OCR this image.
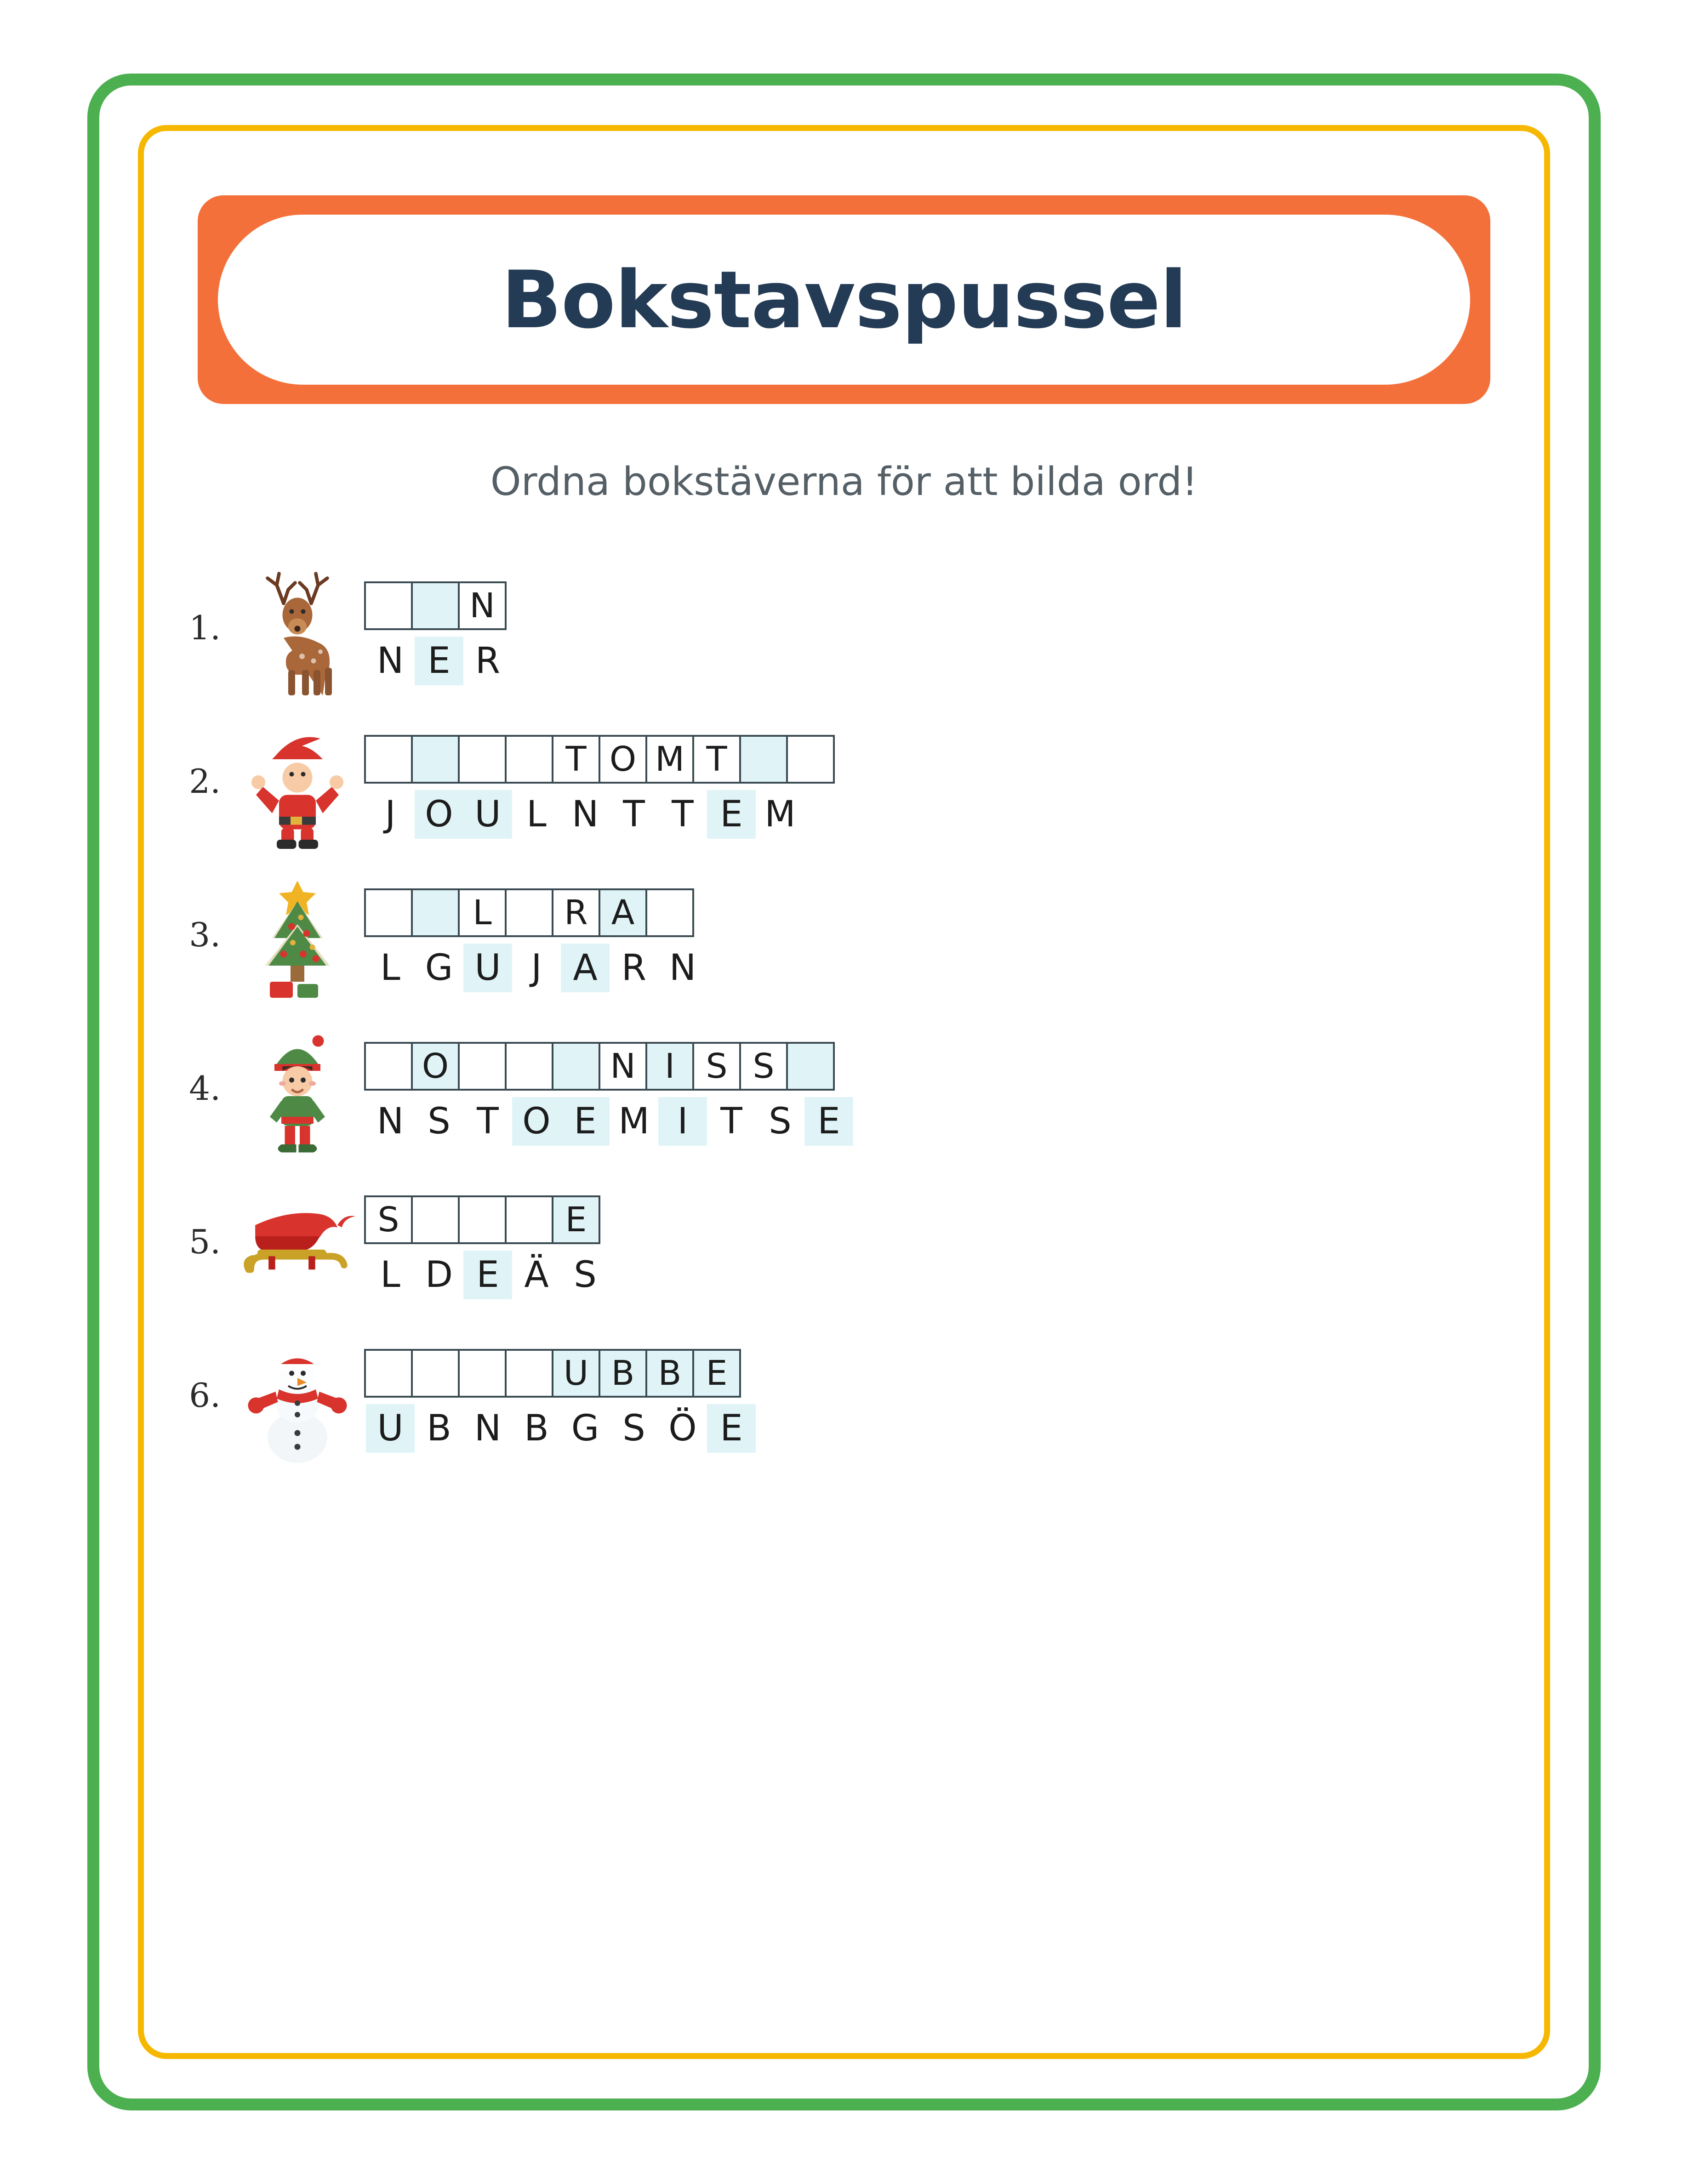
Bokstavspussel
Ordna bokstäverna för att bilda ord!
1.
N
N E R
2.
T O M T
J O U L N T T E M
3.
L	R A
L G U J A R N
4.
O	N I S S
N S T O E M I T S E
5.
S	E
L D E Ä S
6.
U B B E
U B N B G S Ö E
